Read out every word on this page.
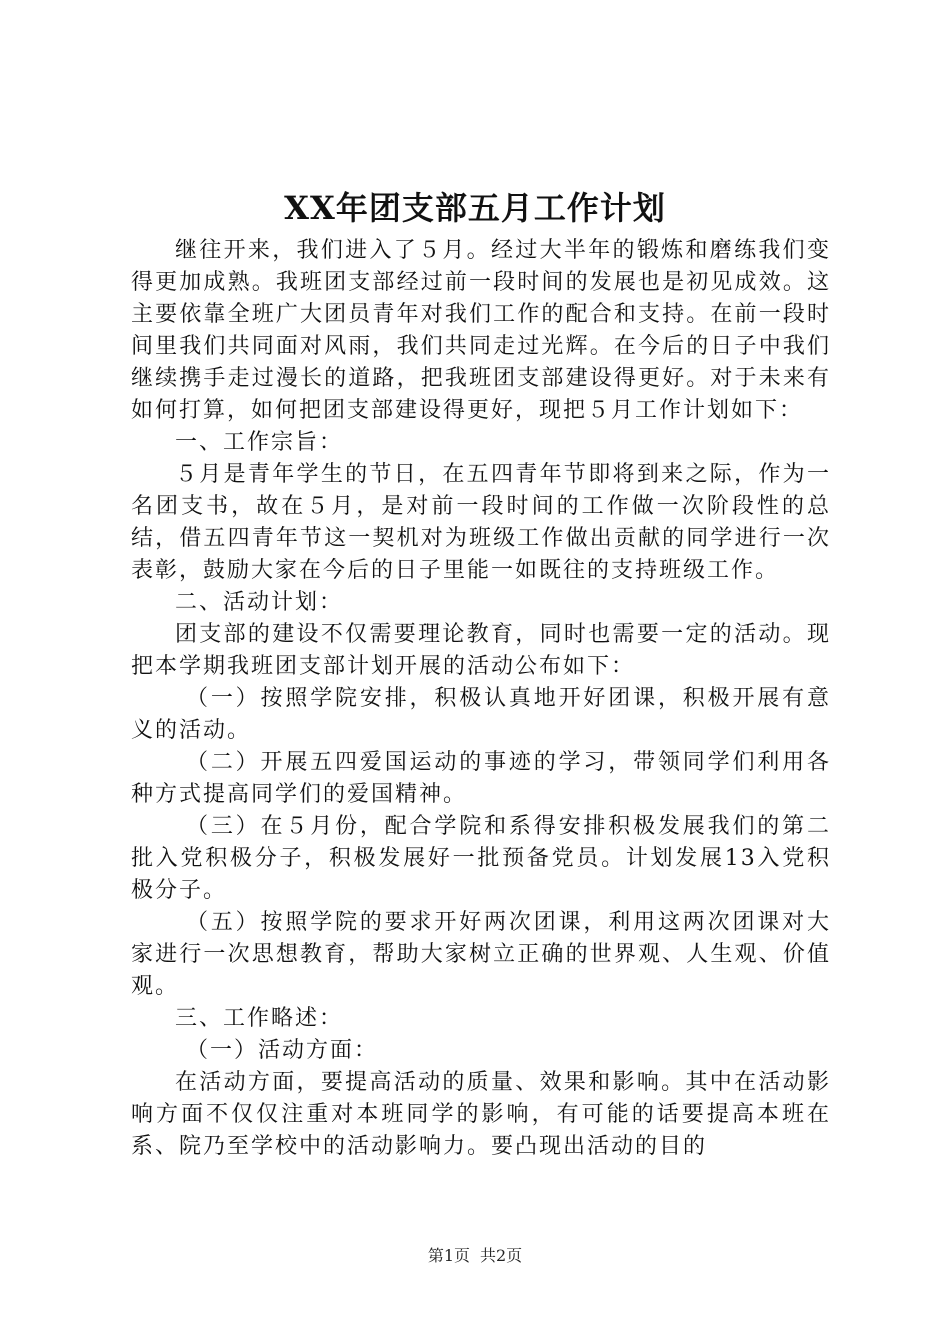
XX年团支部五月工作计划

继往开来，我们进入了５月。经过大半年的锻炼和磨练我们变得更加成熟。我班团支部经过前一段时间的发展也是初见成效。这主要依靠全班广大团员青年对我们工作的配合和支持。在前一段时间里我们共同面对风雨，我们共同走过光辉。在今后的日子中我们继续携手走过漫长的道路，把我班团支部建设得更好。对于未来有如何打算，如何把团支部建设得更好，现把５月工作计划如下：

一、工作宗旨：

５月是青年学生的节日，在五四青年节即将到来之际，作为一名团支书，故在５月，是对前一段时间的工作做一次阶段性的总结，借五四青年节这一契机对为班级工作做出贡献的同学进行一次表彰，鼓励大家在今后的日子里能一如既往的支持班级工作。

二、活动计划：

团支部的建设不仅需要理论教育，同时也需要一定的活动。现把本学期我班团支部计划开展的活动公布如下：

（一）按照学院安排，积极认真地开好团课，积极开展有意义的活动。

（二）开展五四爱国运动的事迹的学习，带领同学们利用各种方式提高同学们的爱国精神。

（三）在５月份，配合学院和系得安排积极发展我们的第二批入党积极分子，积极发展好一批预备党员。计划发展13入党积极分子。

（五）按照学院的要求开好两次团课，利用这两次团课对大家进行一次思想教育，帮助大家树立正确的世界观、人生观、价值观。

三、工作略述：

（一）活动方面：

在活动方面，要提高活动的质量、效果和影响。其中在活动影响方面不仅仅注重对本班同学的影响，有可能的话要提高本班在系、院乃至学校中的活动影响力。要凸现出活动的目的

第1页 共2页
